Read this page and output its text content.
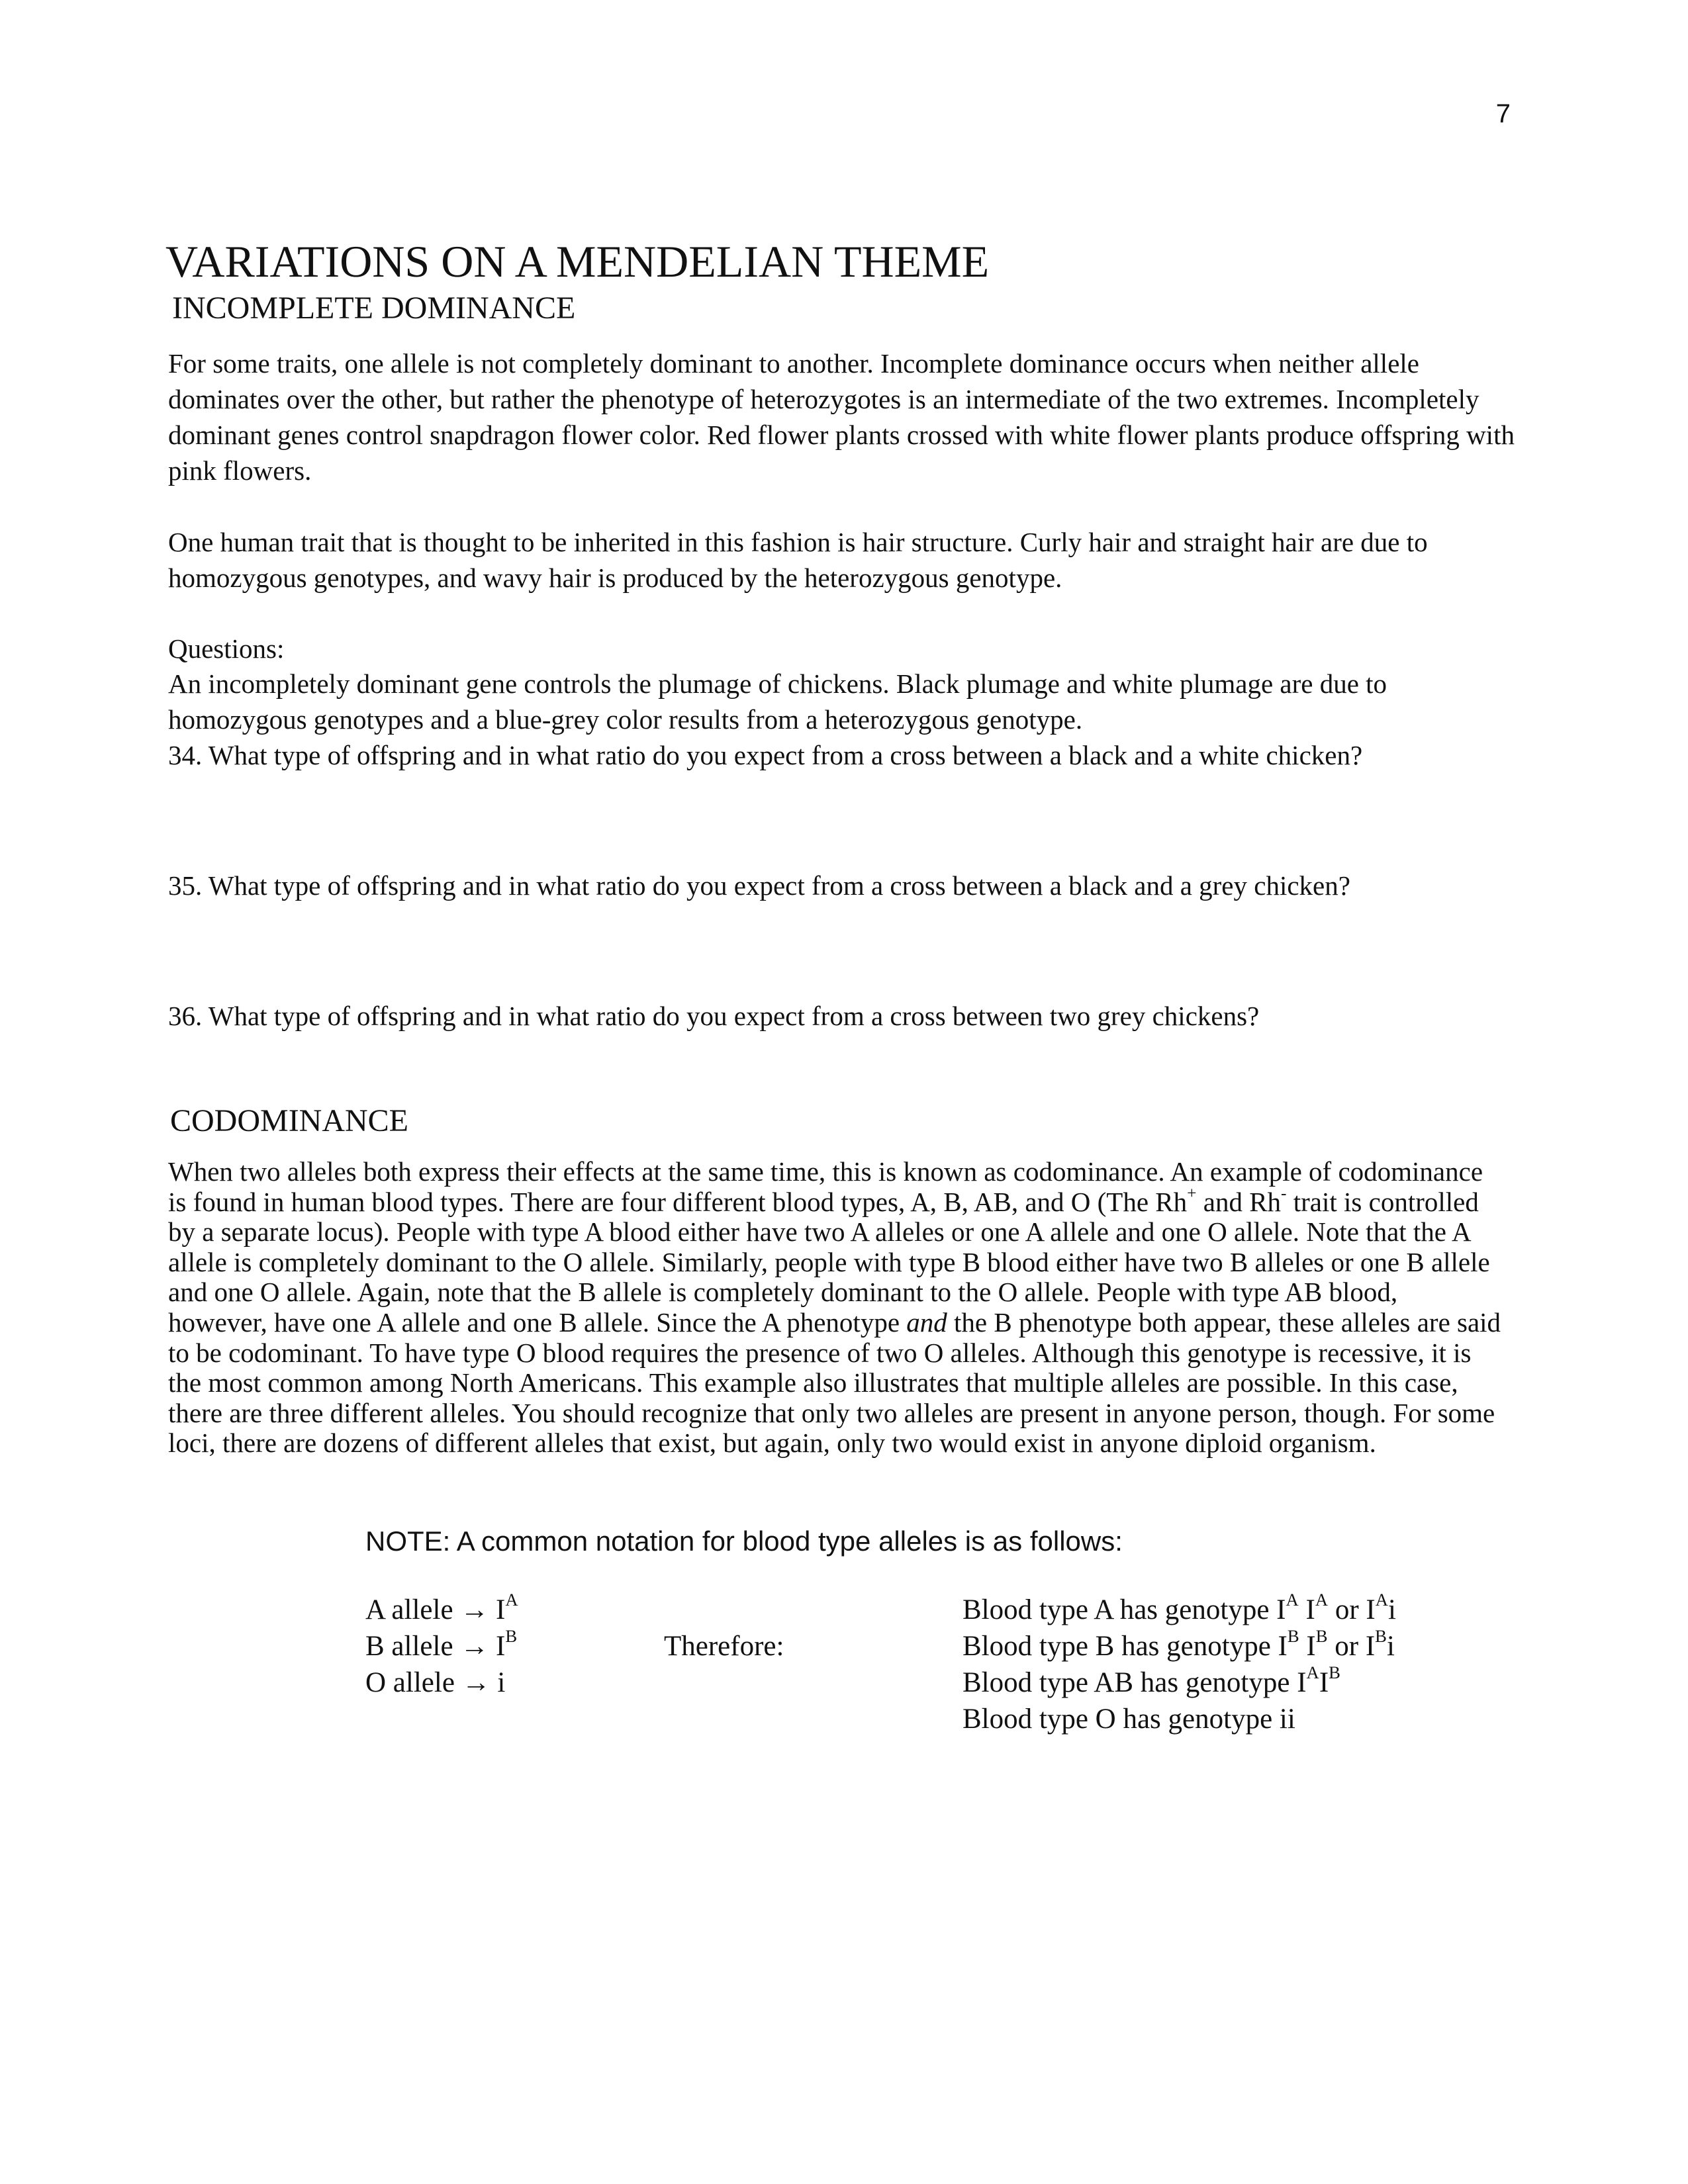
7
VARIATIONS ON A MENDELIAN THEME
INCOMPLETE DOMINANCE
For some traits, one allele is not completely dominant to another. Incomplete dominance occurs when neither allele dominates over the other, but rather the phenotype of heterozygotes is an intermediate of the two extremes. Incompletely dominant genes control snapdragon flower color. Red flower plants crossed with white flower plants produce offspring with pink flowers.
One human trait that is thought to be inherited in this fashion is hair structure. Curly hair and straight hair are due to homozygous genotypes, and wavy hair is produced by the heterozygous genotype.
Questions:
An incompletely dominant gene controls the plumage of chickens. Black plumage and white plumage are due to homozygous genotypes and a blue-grey color results from a heterozygous genotype.
34. What type of offspring and in what ratio do you expect from a cross between a black and a white chicken?
35. What type of offspring and in what ratio do you expect from a cross between a black and a grey chicken?
36. What type of offspring and in what ratio do you expect from a cross between two grey chickens?
CODOMINANCE
When two alleles both express their effects at the same time, this is known as codominance. An example of codominance is found in human blood types. There are four different blood types, A, B, AB, and O (The Rh+ and Rh- trait is controlled by a separate locus). People with type A blood either have two A alleles or one A allele and one O allele. Note that the A allele is completely dominant to the O allele. Similarly, people with type B blood either have two B alleles or one B allele and one O allele. Again, note that the B allele is completely dominant to the O allele. People with type AB blood, however, have one A allele and one B allele. Since the A phenotype and the B phenotype both appear, these alleles are said to be codominant. To have type O blood requires the presence of two O alleles. Although this genotype is recessive, it is the most common among North Americans. This example also illustrates that multiple alleles are possible. In this case, there are three different alleles. You should recognize that only two alleles are present in anyone person, though. For some loci, there are dozens of different alleles that exist, but again, only two would exist in anyone diploid organism.
NOTE: A common notation for blood type alleles is as follows:
A allele → $I^A$
B allele → $I^B$
O allele → i
Therefore:
Blood type A has genotype $I^A$ $I^A$ or $I^Ai$
Blood type B has genotype $I^B$ $I^B$ or $I^Bi$
Blood type AB has genotype $I^AI^B$
Blood type O has genotype ii
